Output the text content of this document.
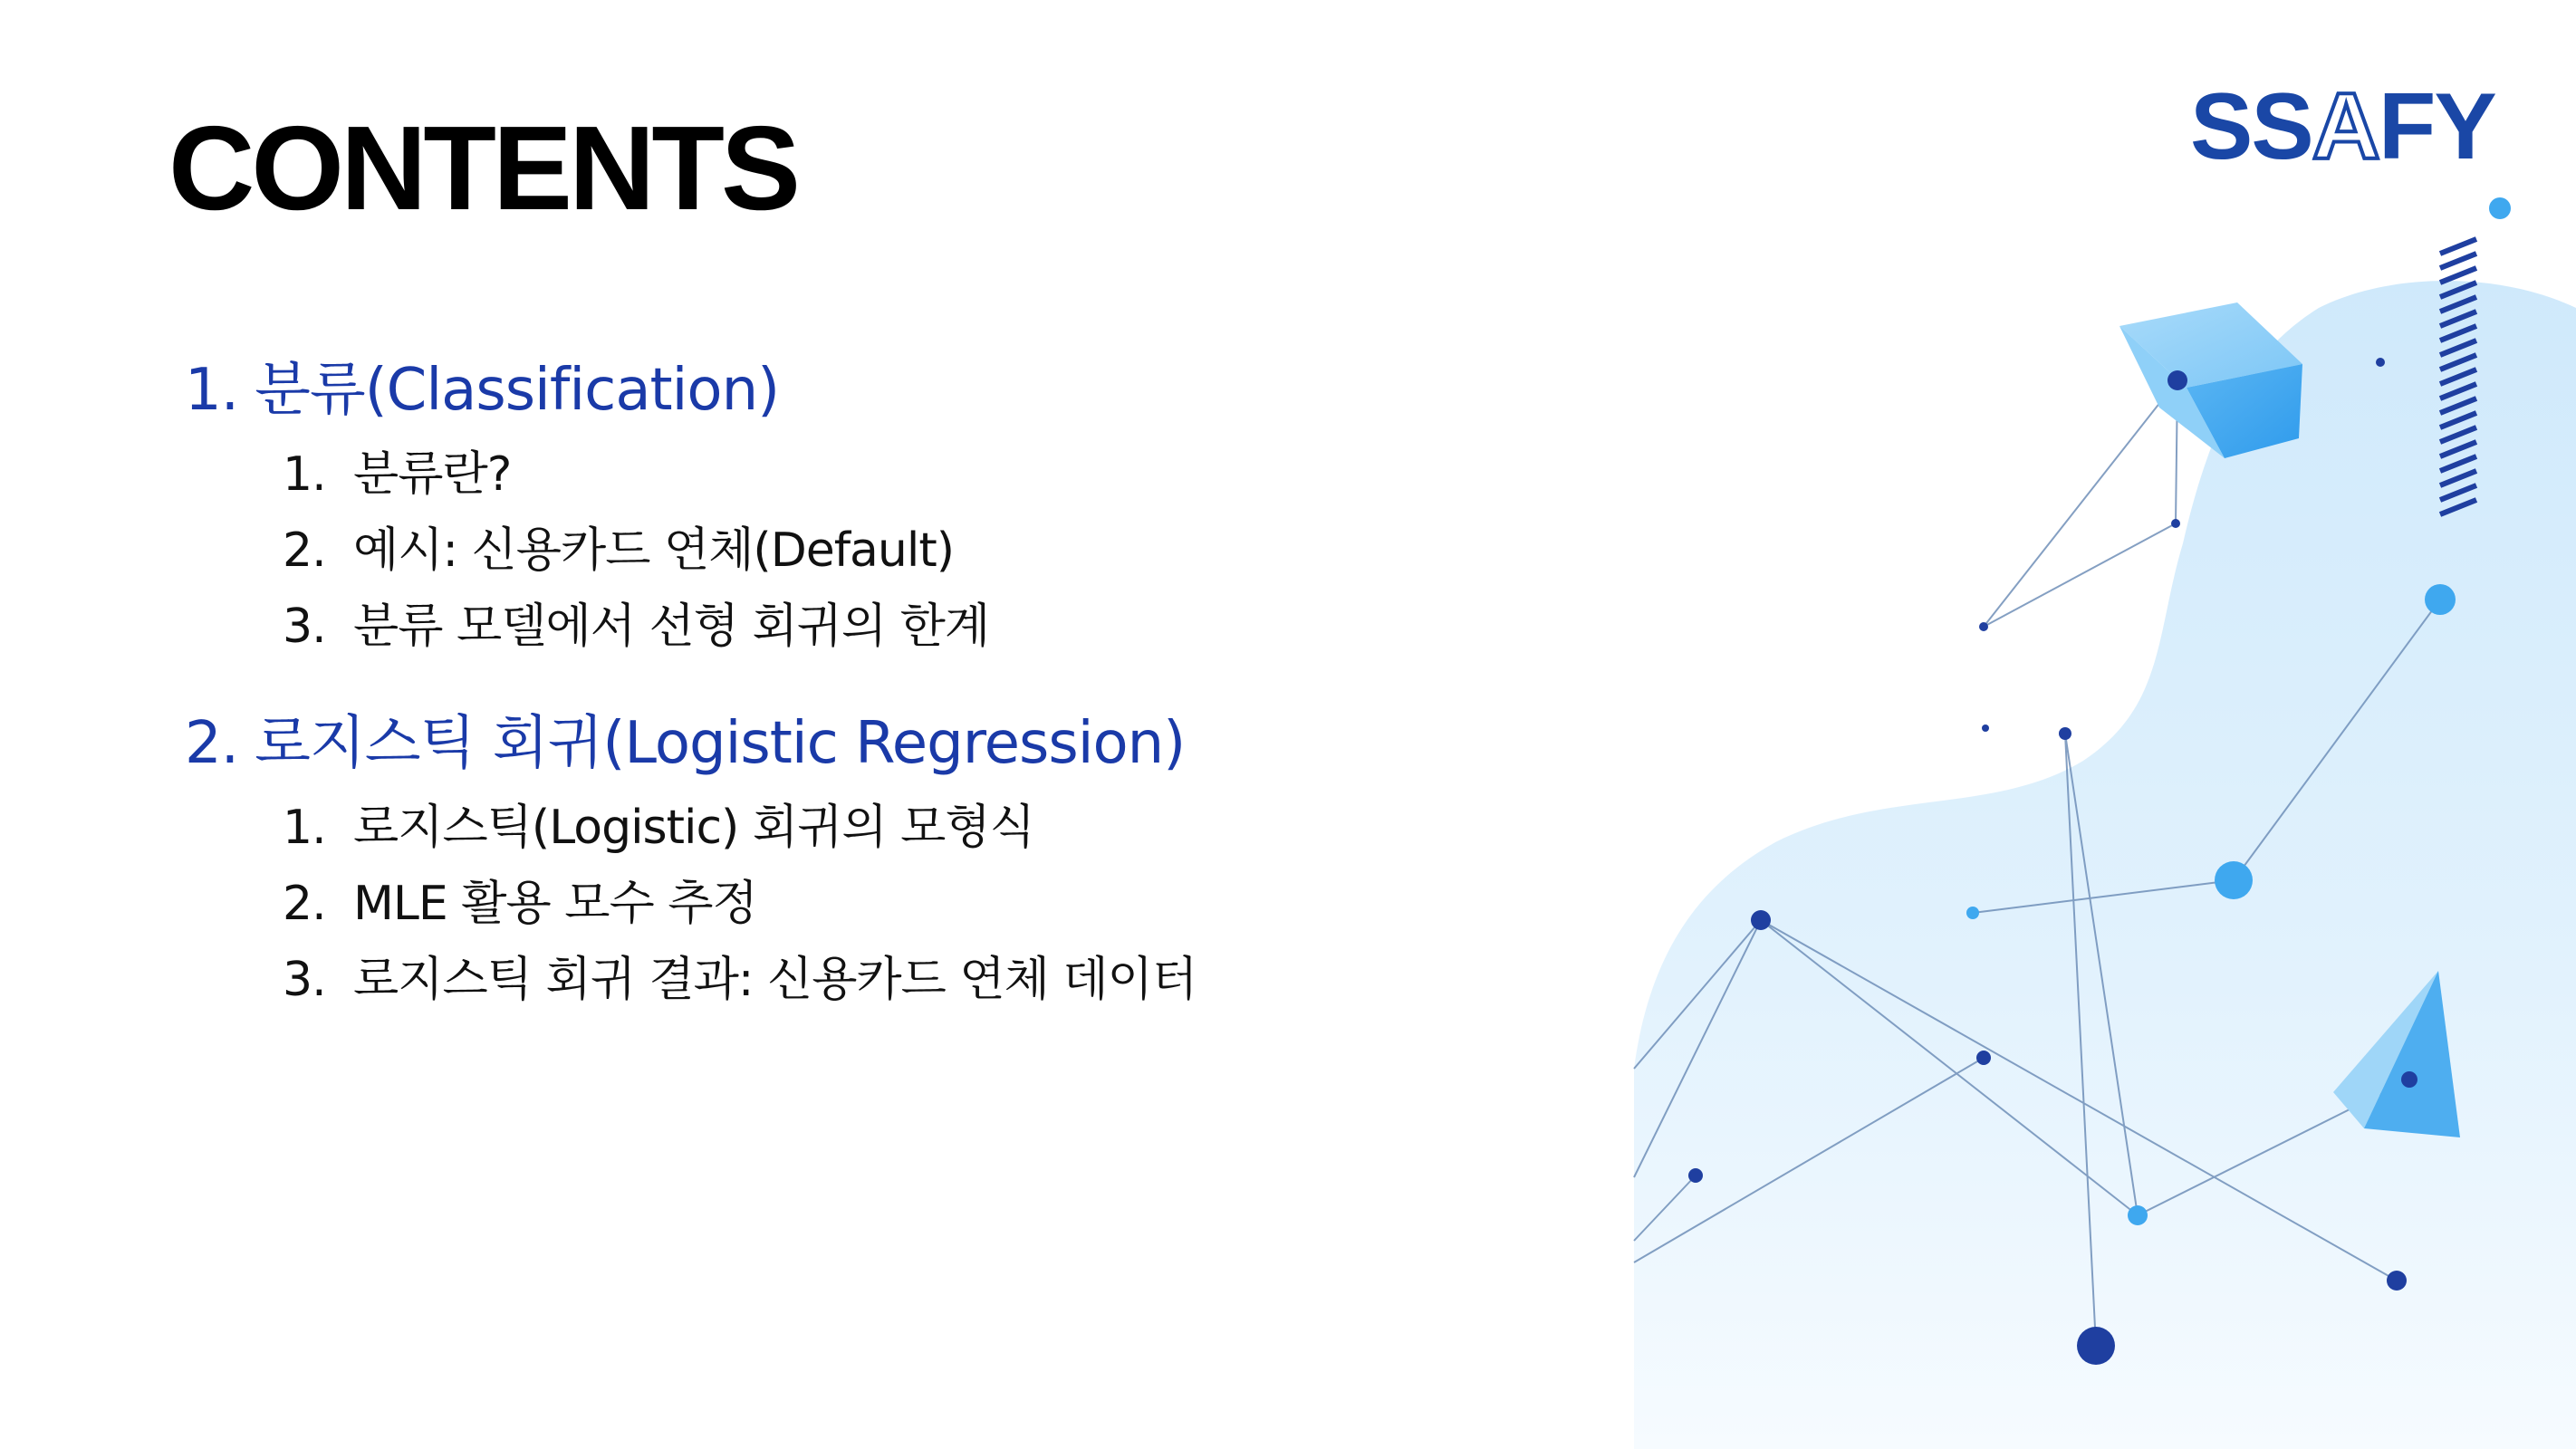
SSAFY
CONTENTS
1. 분류(Classification)
1. 분류란?
2. 예시: 신용카드 연체(Default)
3. 분류 모델에서 선형 회귀의 한계
2. 로지스틱 회귀(Logistic Regression)
1. 로지스틱(Logistic) 회귀의 모형식
2. MLE 활용 모수 추정
3. 로지스틱 회귀 결과: 신용카드 연체 데이터
